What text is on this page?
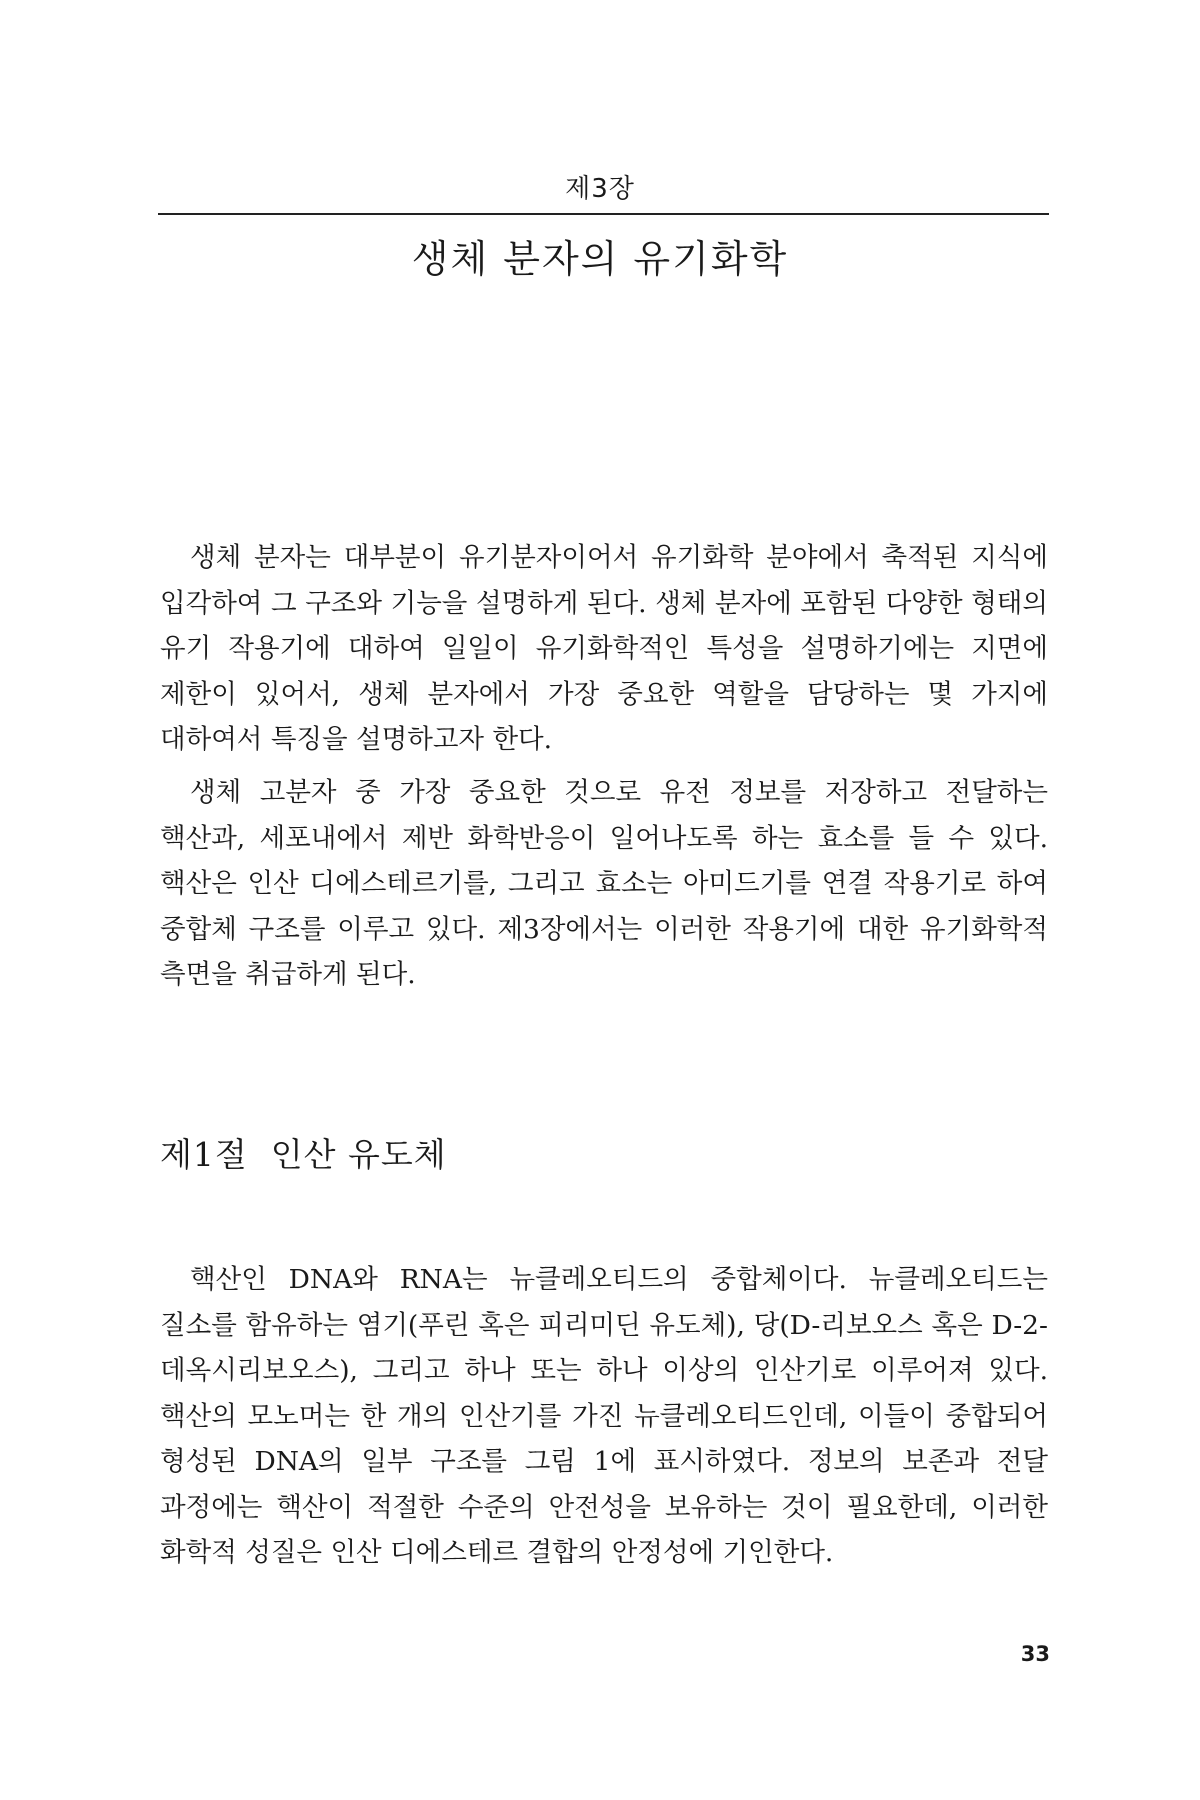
제3장
생체 분자의 유기화학

생체 분자는 대부분이 유기분자이어서 유기화학 분야에서 축적된 지식에 입각하여 그 구조와 기능을 설명하게 된다. 생체 분자에 포함된 다양한 형태의 유기 작용기에 대하여 일일이 유기화학적인 특성을 설명하기에는 지면에 제한이 있어서, 생체 분자에서 가장 중요한 역할을 담당하는 몇 가지에 대하여서 특징을 설명하고자 한다.

생체 고분자 중 가장 중요한 것으로 유전 정보를 저장하고 전달하는 핵산과, 세포내에서 제반 화학반응이 일어나도록 하는 효소를 들 수 있다. 핵산은 인산 디에스테르기를, 그리고 효소는 아미드기를 연결 작용기로 하여 중합체 구조를 이루고 있다. 제3장에서는 이러한 작용기에 대한 유기화학적 측면을 취급하게 된다.

제1절  인산 유도체

핵산인 DNA와 RNA는 뉴클레오티드의 중합체이다. 뉴클레오티드는 질소를 함유하는 염기(푸린 혹은 피리미딘 유도체), 당(D-리보오스 혹은 D-2-데옥시리보오스), 그리고 하나 또는 하나 이상의 인산기로 이루어져 있다. 핵산의 모노머는 한 개의 인산기를 가진 뉴클레오티드인데, 이들이 중합되어 형성된 DNA의 일부 구조를 그림 1에 표시하였다. 정보의 보존과 전달 과정에는 핵산이 적절한 수준의 안전성을 보유하는 것이 필요한데, 이러한 화학적 성질은 인산 디에스테르 결합의 안정성에 기인한다.

33
